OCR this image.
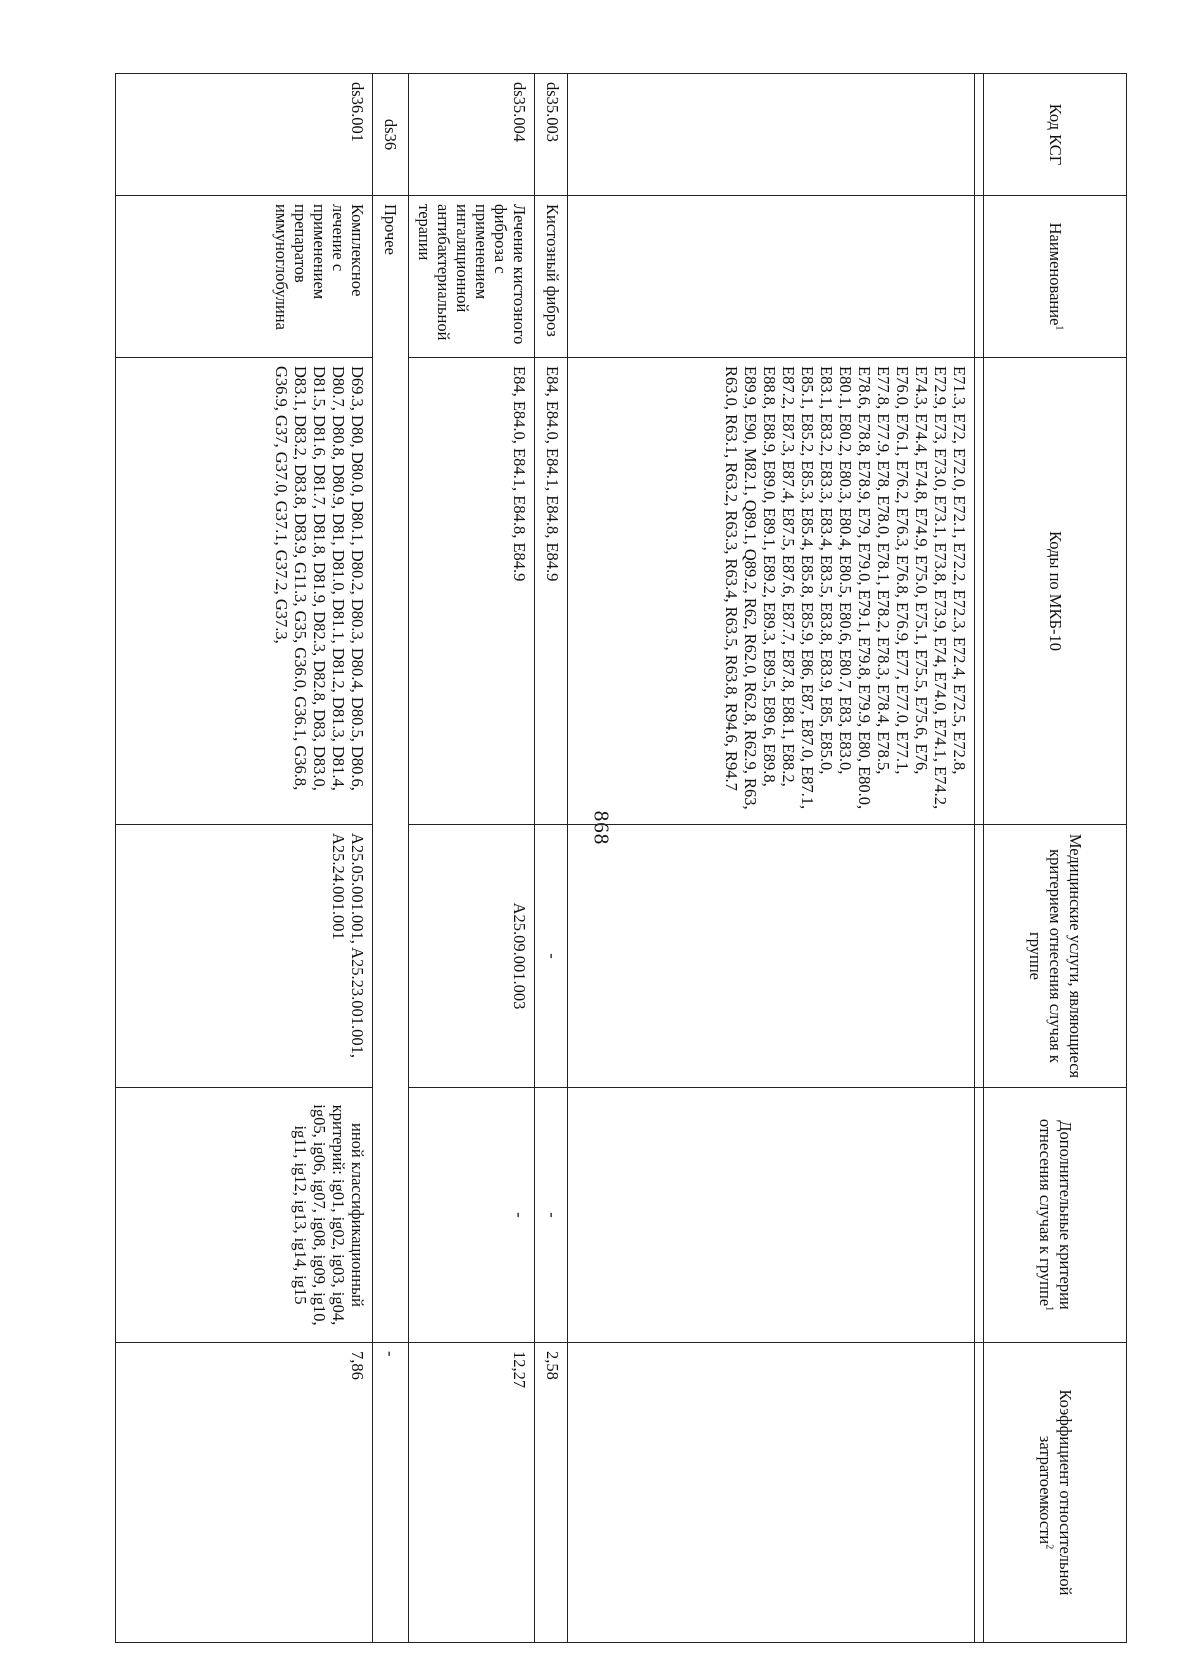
868
Код КСГ	Наименование$^1$	Коды по МКБ-10	Медицинские услуги, являющиеся критерием отнесения случая к группе	Дополнительные критерии отнесения случая к группе$^1$	Коэффициент относительной затратоемкости$^2$

		E71.3, E72, E72.0, E72.1, E72.2, E72.3, E72.4, E72.5, E72.8, E72.9, E73, E73.0, E73.1, E73.8, E73.9, E74, E74.0, E74.1, E74.2, E74.3, E74.4, E74.8, E74.9, E75.0, E75.1, E75.5, E75.6, E76, E76.0, E76.1, E76.2, E76.3, E76.8, E76.9, E77, E77.0, E77.1, E77.8, E77.9, E78, E78.0, E78.1, E78.2, E78.3, E78.4, E78.5, E78.6, E78.8, E78.9, E79, E79.0, E79.1, E79.8, E79.9, E80, E80.0, E80.1, E80.2, E80.3, E80.4, E80.5, E80.6, E80.7, E83, E83.0, E83.1, E83.2, E83.3, E83.4, E83.5, E83.8, E83.9, E85, E85.0, E85.1, E85.2, E85.3, E85.4, E85.8, E85.9, E86, E87, E87.0, E87.1, E87.2, E87.3, E87.4, E87.5, E87.6, E87.7, E87.8, E88.1, E88.2, E88.8, E88.9, E89.0, E89.1, E89.2, E89.3, E89.5, E89.6, E89.8, E89.9, E90, M82.1, Q89.1, Q89.2, R62, R62.0, R62.8, R62.9, R63, R63.0, R63.1, R63.2, R63.3, R63.4, R63.5, R63.8, R94.6, R94.7			
ds35.003	Кистозный фиброз	E84, E84.0, E84.1, E84.8, E84.9	-	-	2,58
ds35.004	Лечение кистозного фиброза с применением ингаляционной антибактериальной терапии	E84, E84.0, E84.1, E84.8, E84.9	A25.09.001.003	-	12,27
ds36	Прочее				-
ds36.001	Комплексное лечение с применением препаратов иммуноглобулина	D69.3, D80, D80.0, D80.1, D80.2, D80.3, D80.4, D80.5, D80.6, D80.7, D80.8, D80.9, D81, D81.0, D81.1, D81.2, D81.3, D81.4, D81.5, D81.6, D81.7, D81.8, D81.9, D82.3, D82.8, D83, D83.0, D83.1, D83.2, D83.8, D83.9, G11.3, G35, G36.0, G36.1, G36.8, G36.9, G37, G37.0, G37.1, G37.2, G37.3,	A25.05.001.001, A25.23.001.001, A25.24.001.001	иной классификационный критерий: ig01, ig02, ig03, ig04, ig05, ig06, ig07, ig08, ig09, ig10, ig11, ig12, ig13, ig14, ig15	7,86
